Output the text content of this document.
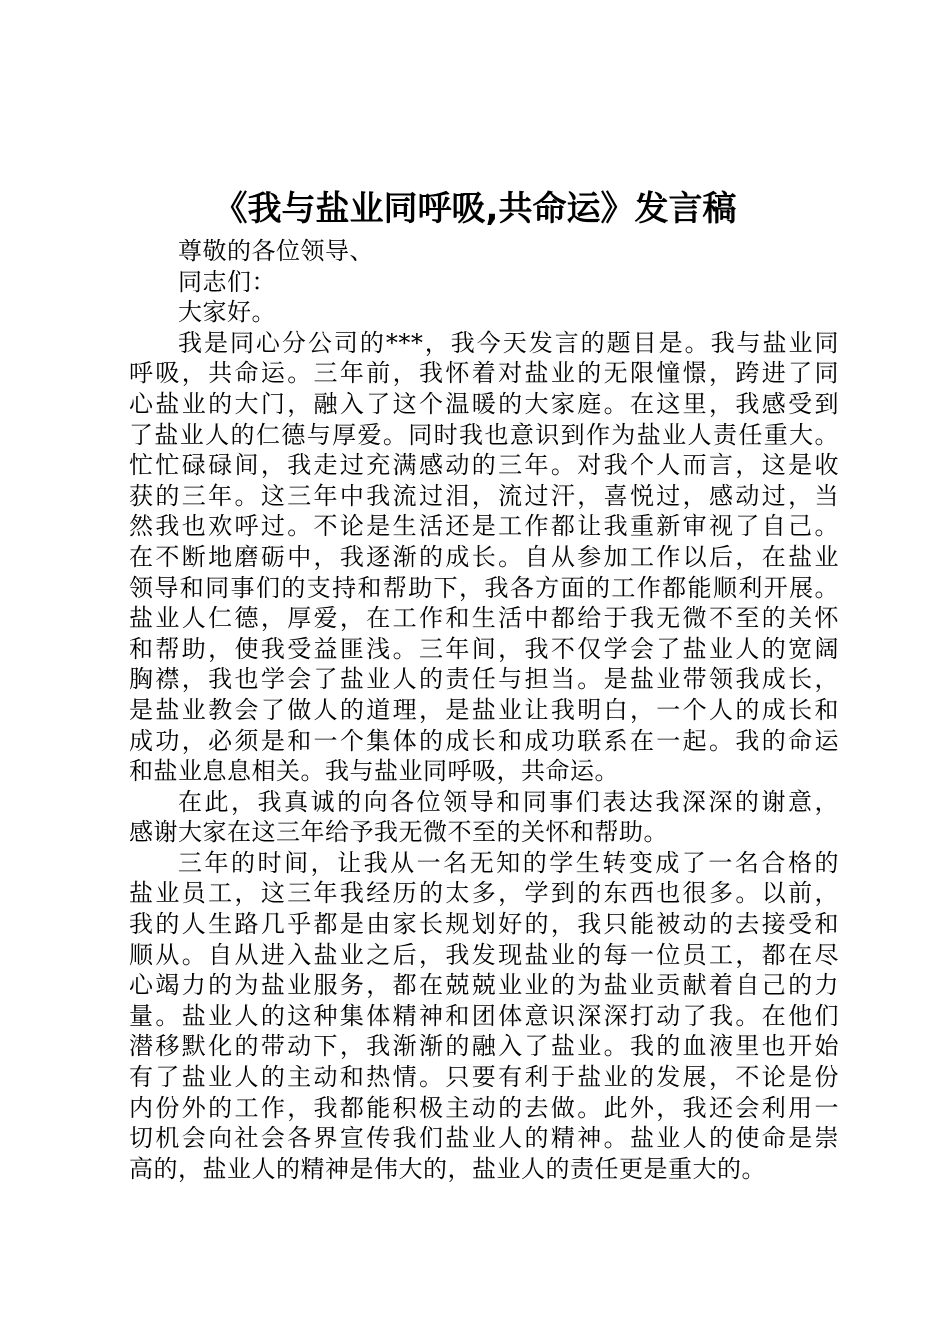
《我与盐业同呼吸,共命运》发言稿
尊敬的各位领导、
同志们：
大家好。
我是同心分公司的***，我今天发言的题目是。我与盐业同
呼吸，共命运。三年前，我怀着对盐业的无限憧憬，跨进了同
心盐业的大门，融入了这个温暖的大家庭。在这里，我感受到
了盐业人的仁德与厚爱。同时我也意识到作为盐业人责任重大。
忙忙碌碌间，我走过充满感动的三年。对我个人而言，这是收
获的三年。这三年中我流过泪，流过汗，喜悦过，感动过，当
然我也欢呼过。不论是生活还是工作都让我重新审视了自己。
在不断地磨砺中，我逐渐的成长。自从参加工作以后，在盐业
领导和同事们的支持和帮助下，我各方面的工作都能顺利开展。
盐业人仁德，厚爱，在工作和生活中都给于我无微不至的关怀
和帮助，使我受益匪浅。三年间，我不仅学会了盐业人的宽阔
胸襟，我也学会了盐业人的责任与担当。是盐业带领我成长，
是盐业教会了做人的道理，是盐业让我明白，一个人的成长和
成功，必须是和一个集体的成长和成功联系在一起。我的命运
和盐业息息相关。我与盐业同呼吸，共命运。
在此，我真诚的向各位领导和同事们表达我深深的谢意，
感谢大家在这三年给予我无微不至的关怀和帮助。
三年的时间，让我从一名无知的学生转变成了一名合格的
盐业员工，这三年我经历的太多，学到的东西也很多。以前，
我的人生路几乎都是由家长规划好的，我只能被动的去接受和
顺从。自从进入盐业之后，我发现盐业的每一位员工，都在尽
心竭力的为盐业服务，都在兢兢业业的为盐业贡献着自己的力
量。盐业人的这种集体精神和团体意识深深打动了我。在他们
潜移默化的带动下，我渐渐的融入了盐业。我的血液里也开始
有了盐业人的主动和热情。只要有利于盐业的发展，不论是份
内份外的工作，我都能积极主动的去做。此外，我还会利用一
切机会向社会各界宣传我们盐业人的精神。盐业人的使命是崇
高的，盐业人的精神是伟大的，盐业人的责任更是重大的。
